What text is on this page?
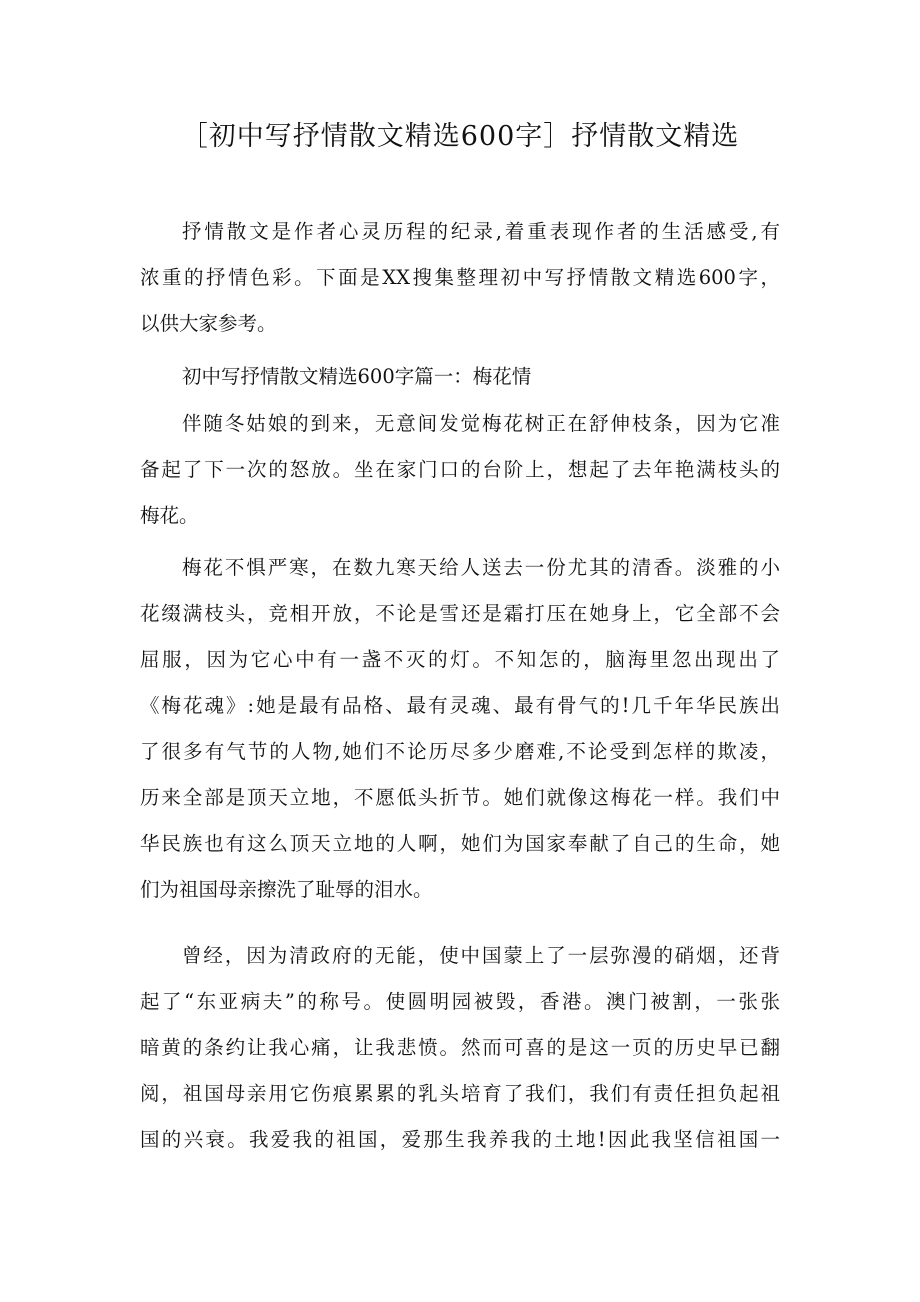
［初中写抒情散文精选600字］抒情散文精选
抒情散文是作者心灵历程的纪录,着重表现作者的生活感受,有
浓重的抒情色彩。下面是XX搜集整理初中写抒情散文精选600字，
以供大家参考。
初中写抒情散文精选600字篇一：梅花情
伴随冬姑娘的到来，无意间发觉梅花树正在舒伸枝条，因为它准
备起了下一次的怒放。坐在家门口的台阶上，想起了去年艳满枝头的
梅花。
梅花不惧严寒，在数九寒天给人送去一份尤其的清香。淡雅的小
花缀满枝头，竞相开放，不论是雪还是霜打压在她身上，它全部不会
屈服，因为它心中有一盏不灭的灯。不知怎的，脑海里忽出现出了
《梅花魂》:她是最有品格、最有灵魂、最有骨气的!几千年华民族出
了很多有气节的人物,她们不论历尽多少磨难,不论受到怎样的欺凌，
历来全部是顶天立地，不愿低头折节。她们就像这梅花一样。我们中
华民族也有这么顶天立地的人啊，她们为国家奉献了自己的生命，她
们为祖国母亲擦洗了耻辱的泪水。
曾经，因为清政府的无能，使中国蒙上了一层弥漫的硝烟，还背
起了“东亚病夫”的称号。使圆明园被毁，香港。澳门被割，一张张
暗黄的条约让我心痛，让我悲愤。然而可喜的是这一页的历史早已翻
阅，祖国母亲用它伤痕累累的乳头培育了我们，我们有责任担负起祖
国的兴衰。我爱我的祖国，爱那生我养我的土地!因此我坚信祖国一
